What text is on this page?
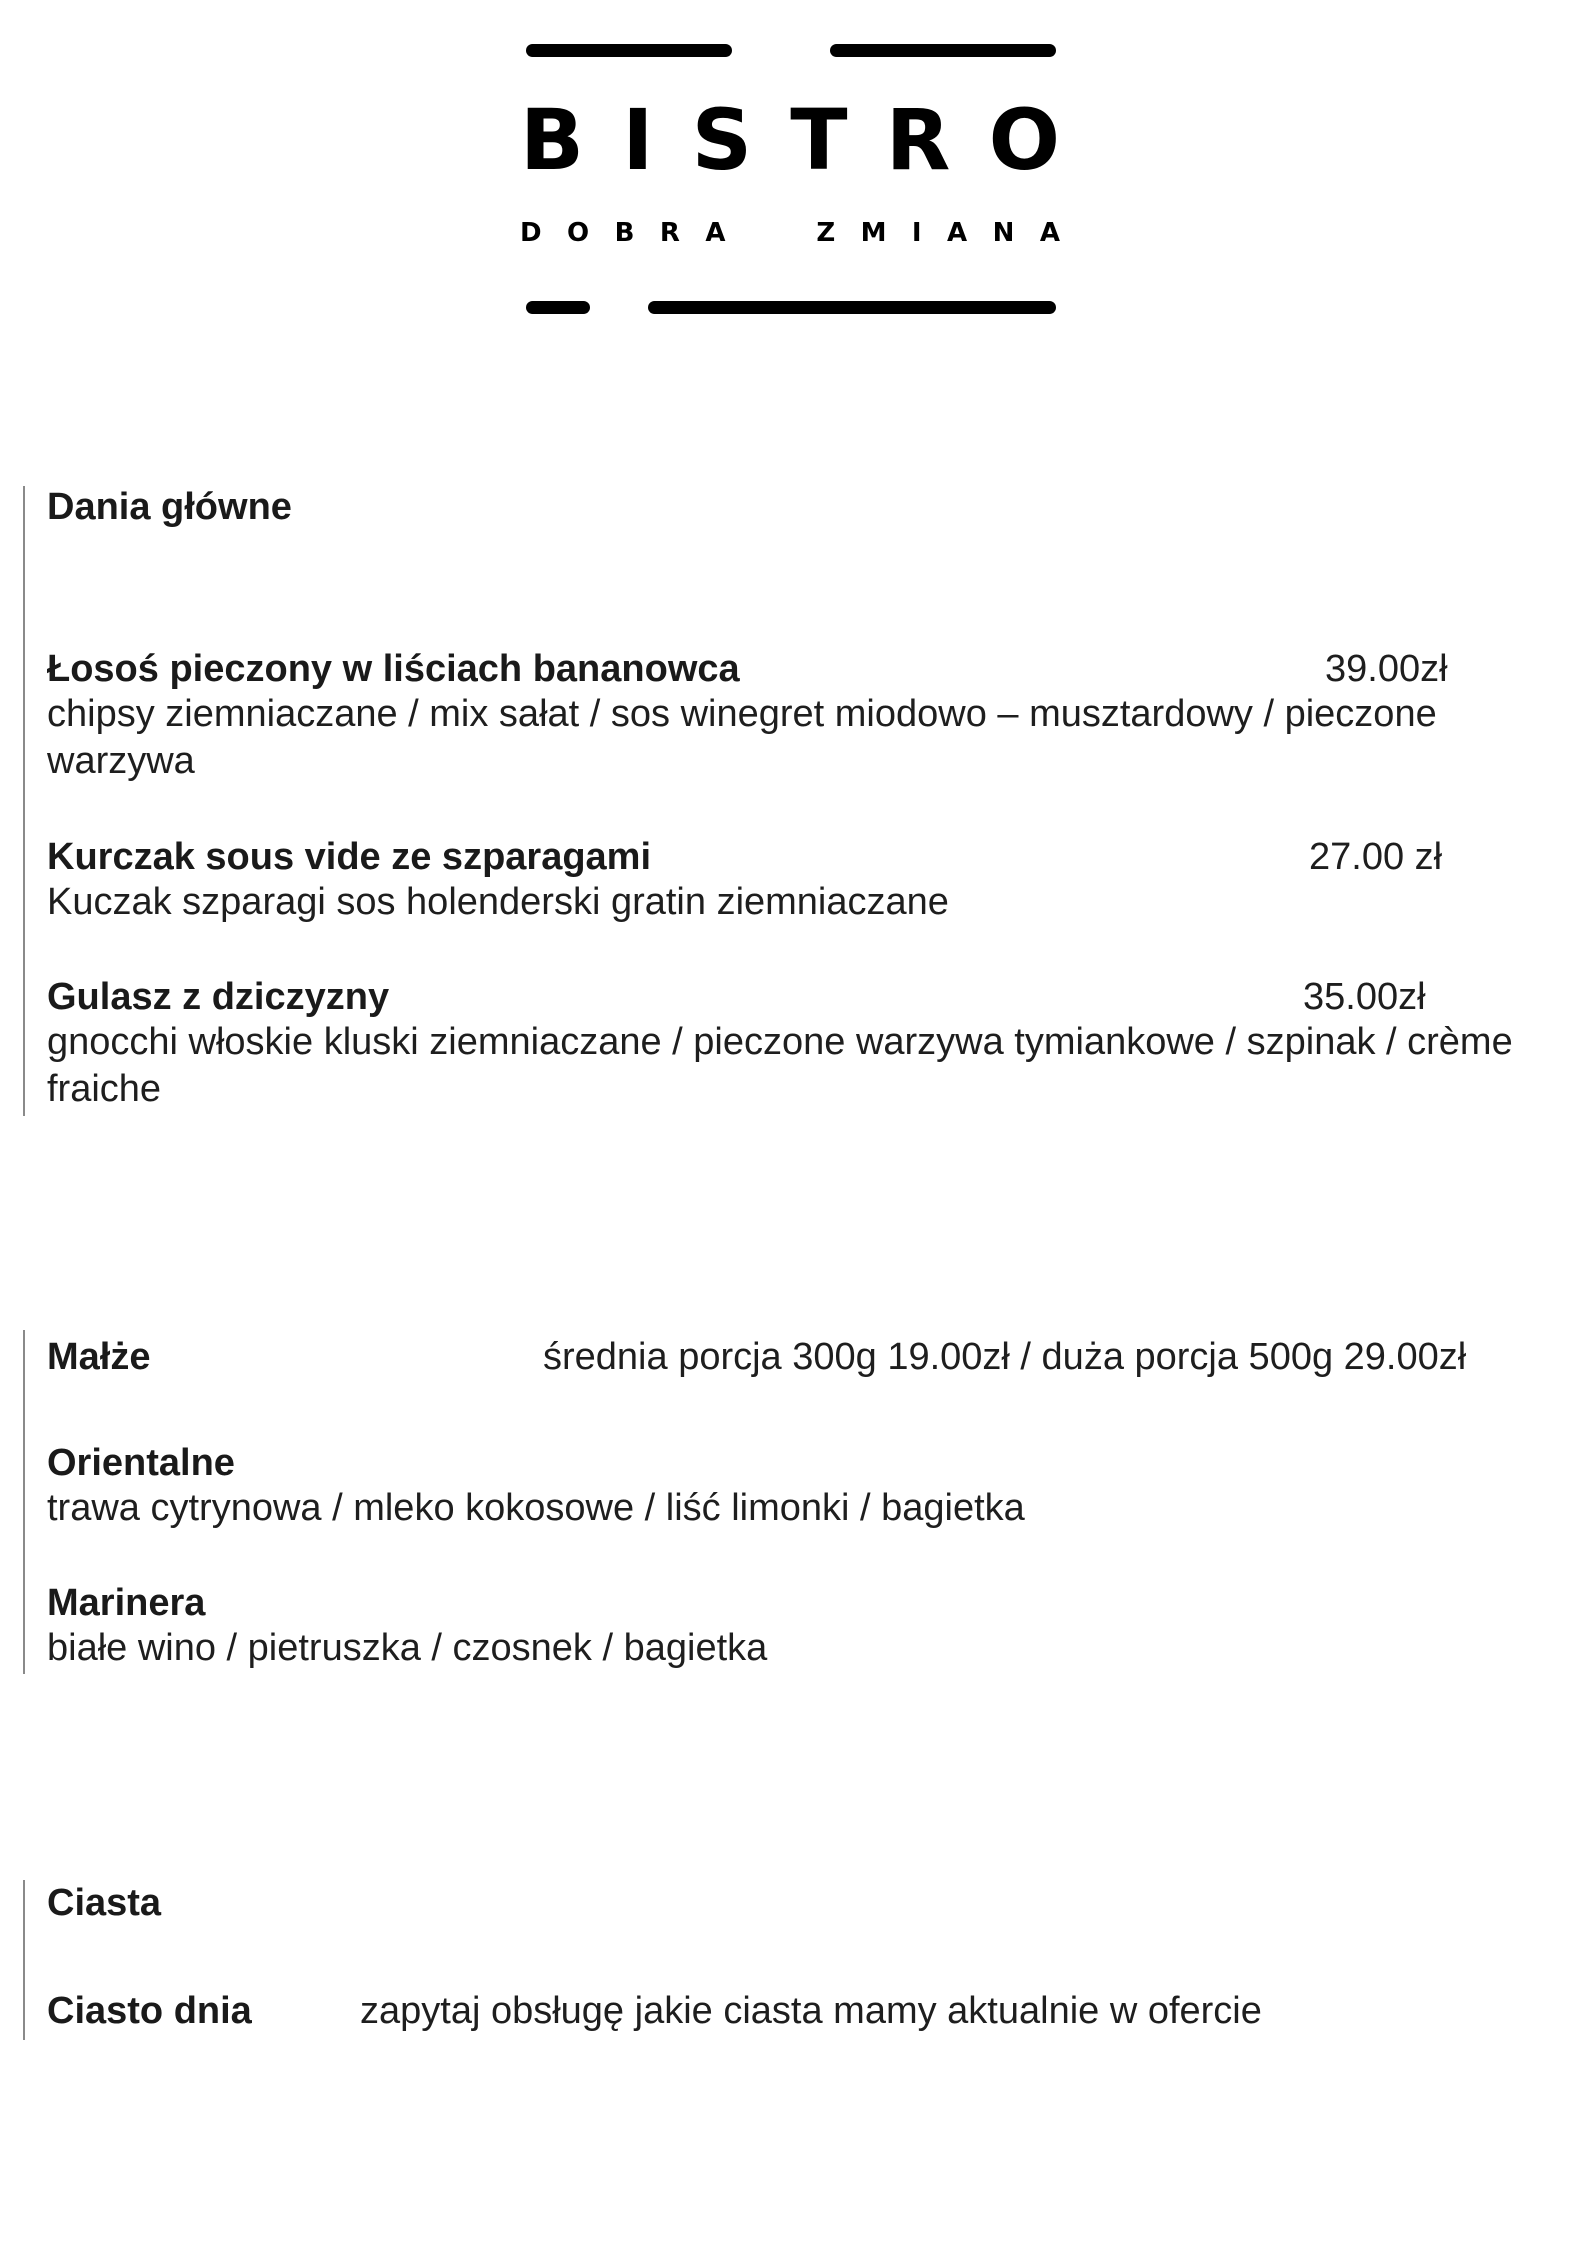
B I S T R O
D O B R A	Z M I A N A
Dania główne
Łosoś pieczony w liściach bananowca	39.00zł
chipsy ziemniaczane / mix sałat / sos winegret miodowo – musztardowy / pieczone warzywa
Kurczak sous vide ze szparagami	27.00 zł
Kuczak szparagi sos holenderski gratin ziemniaczane
Gulasz z dziczyzny	35.00zł
gnocchi włoskie kluski ziemniaczane / pieczone warzywa tymiankowe / szpinak / crème fraiche
Małże	średnia porcja 300g 19.00zł / duża porcja 500g 29.00zł
Orientalne
trawa cytrynowa / mleko kokosowe / liść limonki / bagietka
Marinera
białe wino / pietruszka / czosnek / bagietka
Ciasta
Ciasto dnia	zapytaj obsługę jakie ciasta mamy aktualnie w ofercie
